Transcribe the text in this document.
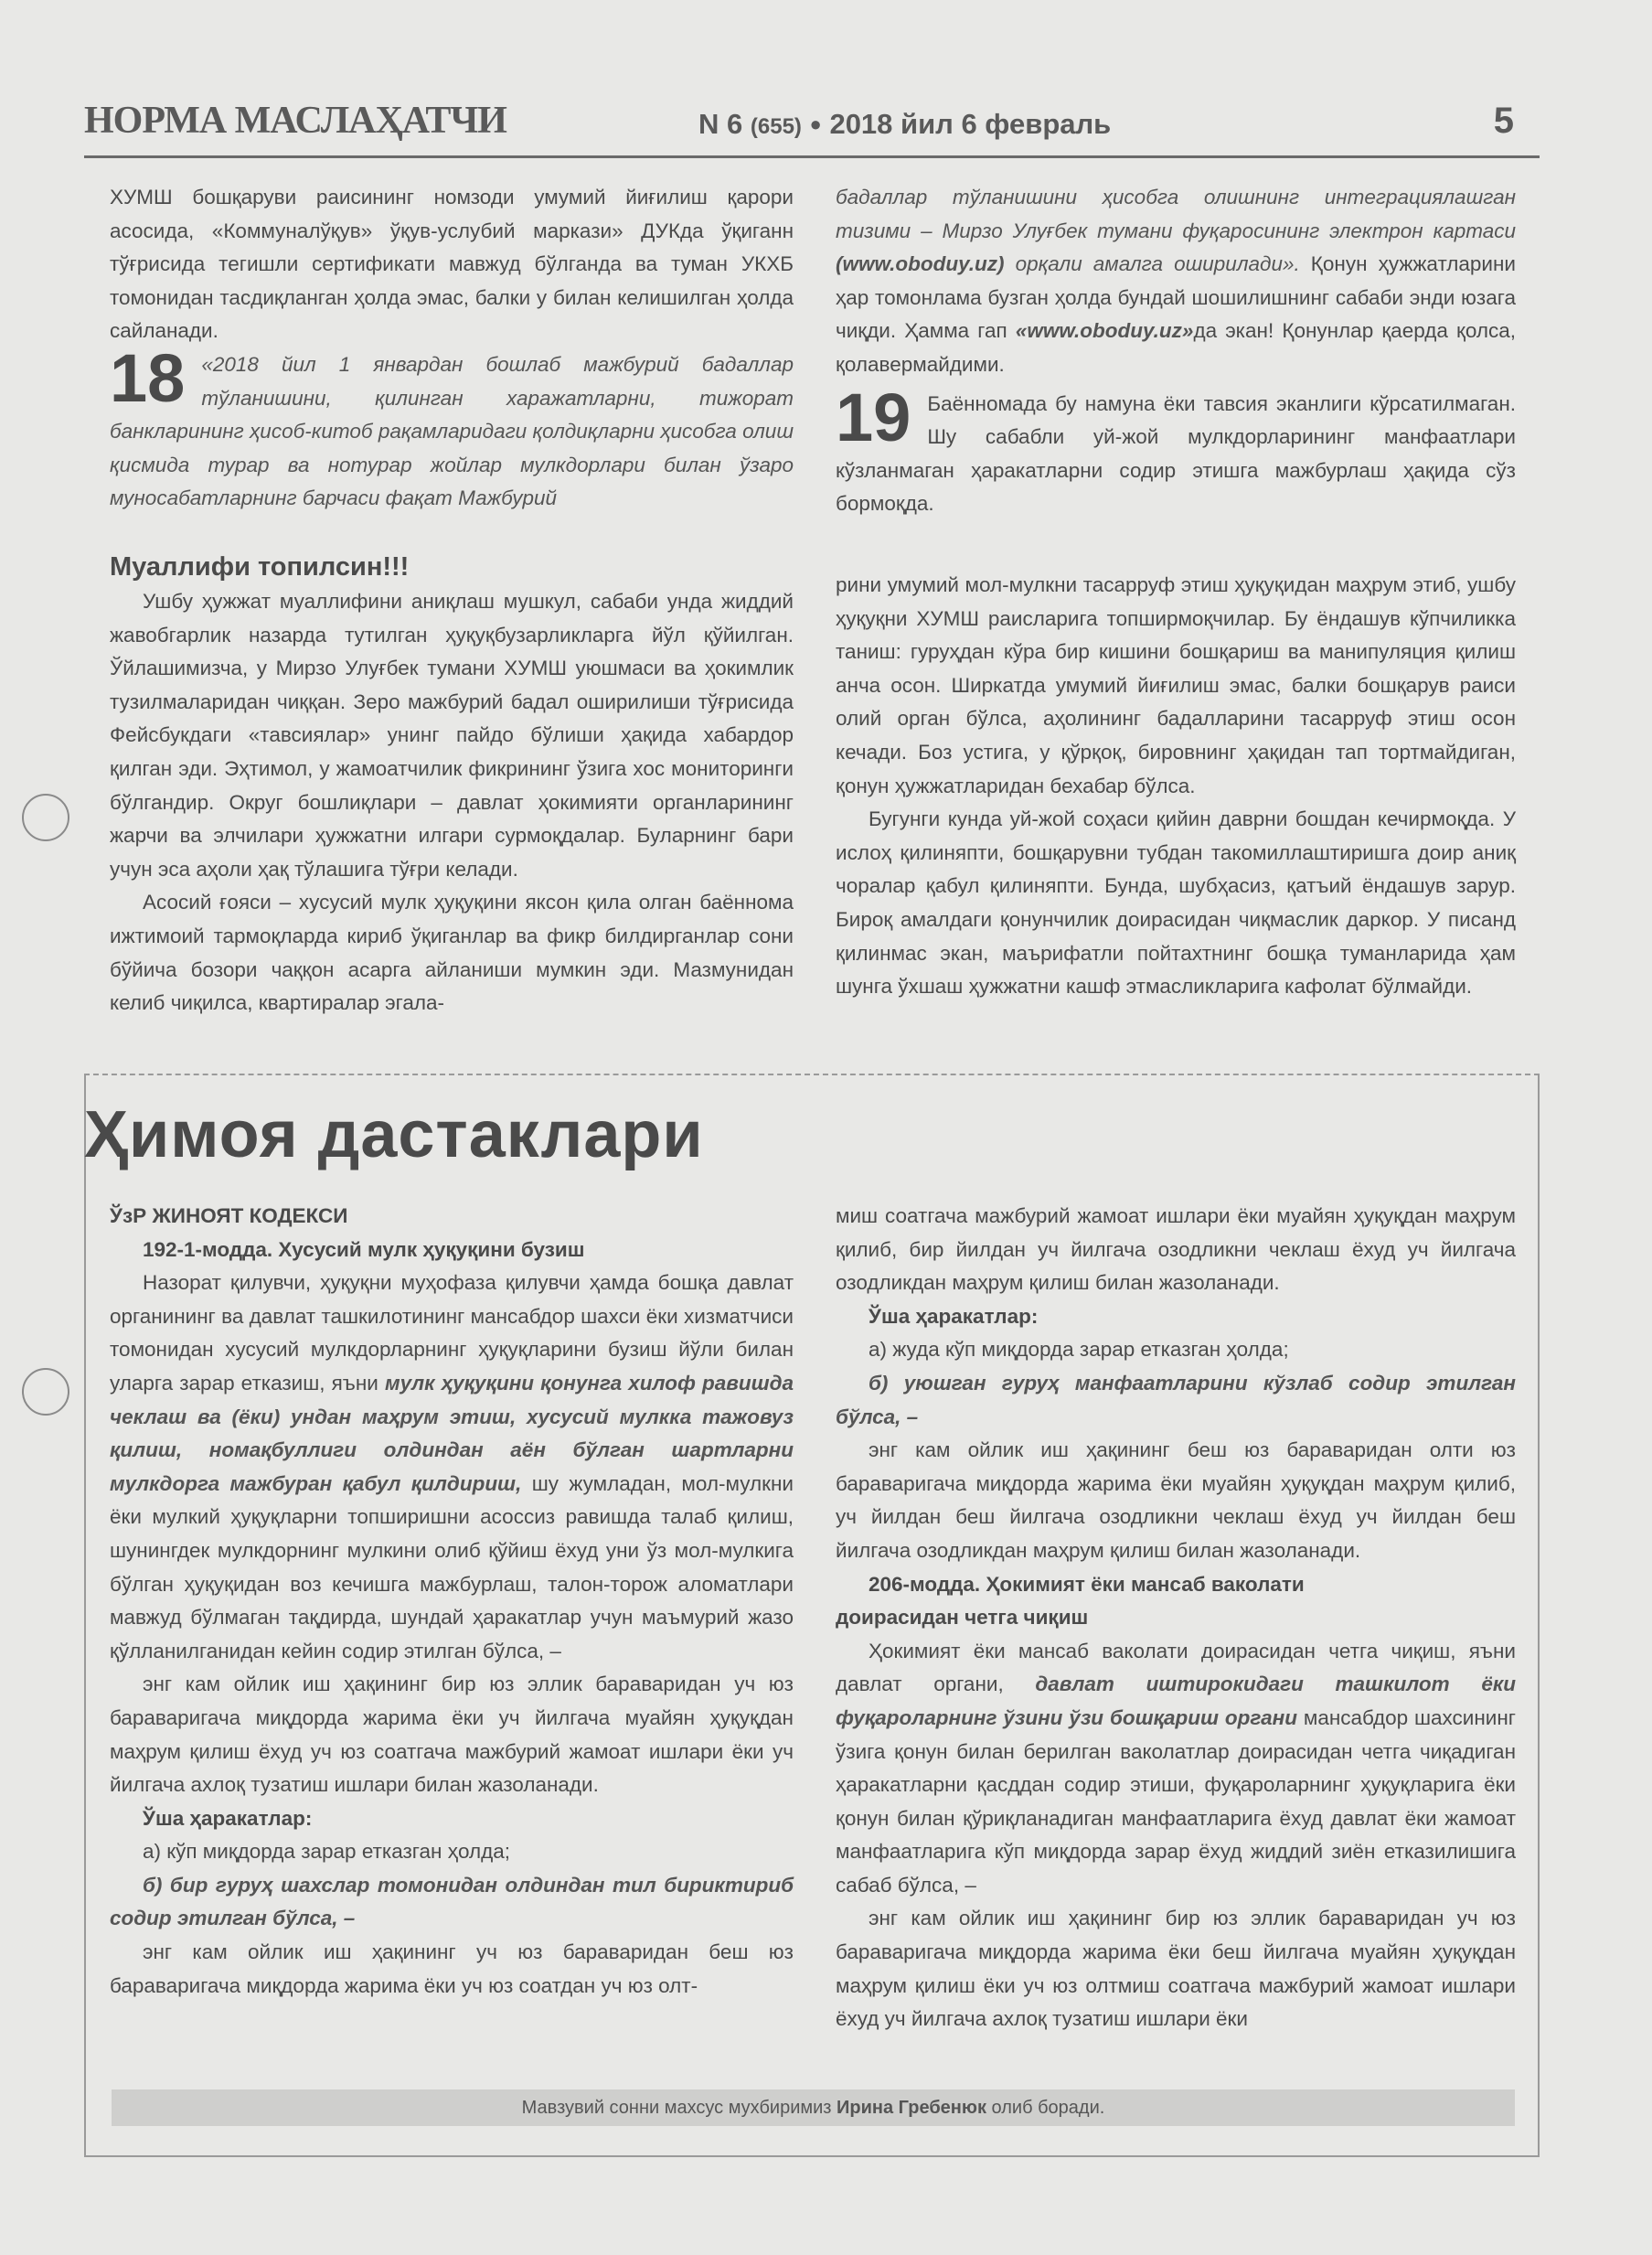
НОРМА МАСЛАҲАТЧИ	N 6 (655) ● 2018 йил 6 февраль	5

ХУМШ бошқаруви раисининг номзоди умумий йиғилиш қарори асосида, «Коммуналўқув» ўқув-услубий маркази» ДУКда ўқиганн тўғрисида тегишли сертификати мавжуд бўлганда ва туман УКХБ томонидан тасдиқланган ҳолда эмас, балки у билан келишилган ҳолда сайланади.

18 «2018 йил 1 январдан бошлаб мажбурий бадаллар тўланишини, қилинган харажатларни, тижорат банкларининг ҳисоб-китоб рақамларидаги қолдиқларни ҳисобга олиш қисмида турар ва нотурар жойлар мулкдорлари билан ўзаро муносабатларнинг барчаси фақат Мажбурий

бадаллар тўланишини ҳисобга олишнинг интеграциялашган тизими – Мирзо Улуғбек тумани фуқаросининг электрон картаси (www.oboduy.uz) орқали амалга оширилади». Қонун ҳужжатларини ҳар томонлама бузган ҳолда бундай шошилишнинг сабаби энди юзага чиқди. Ҳамма гап «www.oboduy.uz»да экан! Қонунлар қаерда қолса, қолавермайдими.

19 Баённомада бу намуна ёки тавсия эканлиги кўрсатилмаган. Шу сабабли уй-жой мулкдорларининг манфаатлари кўзланмаган ҳаракатларни содир этишга мажбурлаш ҳақида сўз бормоқда.

Муаллифи топилсин!!!

Ушбу ҳужжат муаллифини аниқлаш мушкул, сабаби унда жиддий жавобгарлик назарда тутилган ҳуқуқбузарликларга йўл қўйилган. Ўйлашимизча, у Мирзо Улуғбек тумани ХУМШ уюшмаси ва ҳокимлик тузилмаларидан чиққан. Зеро мажбурий бадал оширилиши тўғрисида Фейсбукдаги «тавсиялар» унинг пайдо бўлиши ҳақида хабардор қилган эди. Эҳтимол, у жамоатчилик фикрининг ўзига хос мониторинги бўлгандир. Округ бошлиқлари – давлат ҳокимияти органларининг жарчи ва элчилари ҳужжатни илгари сурмоқдалар. Буларнинг бари учун эса аҳоли ҳақ тўлашига тўғри келади.

Асосий ғояси – хусусий мулк ҳуқуқини яксон қила олган баённома ижтимоий тармоқларда кириб ўқиганлар ва фикр билдирганлар сони бўйича бозори чаққон асарга айланиши мумкин эди. Мазмунидан келиб чиқилса, квартиралар эгала-

рини умумий мол-мулкни тасарруф этиш ҳуқуқидан маҳрум этиб, ушбу ҳуқуқни ХУМШ раисларига топширмоқчилар. Бу ёндашув кўпчиликка таниш: гуруҳдан кўра бир кишини бошқариш ва манипуляция қилиш анча осон. Ширкатда умумий йиғилиш эмас, балки бошқарув раиси олий орган бўлса, аҳолининг бадалларини тасарруф этиш осон кечади. Боз устига, у қўрқоқ, бировнинг ҳақидан тап тортмайдиган, қонун ҳужжатларидан бехабар бўлса.

Бугунги кунда уй-жой соҳаси қийин даврни бошдан кечирмоқда. У ислоҳ қилиняпти, бошқарувни тубдан такомиллаштиришга доир аниқ чоралар қабул қилиняпти. Бунда, шубҳасиз, қатъий ёндашув зарур. Бироқ амалдаги қонунчилик доирасидан чиқмаслик даркор. У писанд қилинмас экан, маърифатли пойтахтнинг бошқа туманларида ҳам шунга ўхшаш ҳужжатни кашф этмасликларига кафолат бўлмайди.

Ҳимоя дастаклари

ЎзР ЖИНОЯТ КОДЕКСИ

192-1-модда. Хусусий мулк ҳуқуқини бузиш

Назорат қилувчи, ҳуқуқни муҳофаза қилувчи ҳамда бошқа давлат органининг ва давлат ташкилотининг мансабдор шахси ёки хизматчиси томонидан хусусий мулкдорларнинг ҳуқуқларини бузиш йўли билан уларга зарар етказиш, яъни мулк ҳуқуқини қонунга хилоф равишда чеклаш ва (ёки) ундан маҳрум этиш, хусусий мулкка тажовуз қилиш, номақбуллиги олдиндан аён бўлган шартларни мулкдорга мажбуран қабул қилдириш, шу жумладан, мол-мулкни ёки мулкий ҳуқуқларни топширишни асоссиз равишда талаб қилиш, шунингдек мулкдорнинг мулкини олиб қўйиш ёхуд уни ўз мол-мулкига бўлган ҳуқуқидан воз кечишга мажбурлаш, талон-торож аломатлари мавжуд бўлмаган тақдирда, шундай ҳаракатлар учун маъмурий жазо қўлланилганидан кейин содир этилган бўлса, –

энг кам ойлик иш ҳақининг бир юз эллик бараваридан уч юз бараваригача миқдорда жарима ёки уч йилгача муайян ҳуқуқдан маҳрум қилиш ёхуд уч юз соатгача мажбурий жамоат ишлари ёки уч йилгача ахлоқ тузатиш ишлари билан жазоланади.

Ўша ҳаракатлар:

а) кўп миқдорда зарар етказган ҳолда;

б) бир гуруҳ шахслар томонидан олдиндан тил бириктириб содир этилган бўлса, –

энг кам ойлик иш ҳақининг уч юз бараваридан беш юз бараваригача миқдорда жарима ёки уч юз соатдан уч юз олт-

миш соатгача мажбурий жамоат ишлари ёки муайян ҳуқуқдан маҳрум қилиб, бир йилдан уч йилгача озодликни чеклаш ёхуд уч йилгача озодликдан маҳрум қилиш билан жазоланади.

Ўша ҳаракатлар:

а) жуда кўп миқдорда зарар етказган ҳолда;

б) уюшган гуруҳ манфаатларини кўзлаб содир этилган бўлса, –

энг кам ойлик иш ҳақининг беш юз бараваридан олти юз бараваригача миқдорда жарима ёки муайян ҳуқуқдан маҳрум қилиб, уч йилдан беш йилгача озодликни чеклаш ёхуд уч йилдан беш йилгача озодликдан маҳрум қилиш билан жазоланади.

206-модда. Ҳокимият ёки мансаб ваколати
доирасидан четга чиқиш

Ҳокимият ёки мансаб ваколати доирасидан четга чиқиш, яъни давлат органи, давлат иштирокидаги ташкилот ёки фуқароларнинг ўзини ўзи бошқариш органи мансабдор шахсининг ўзига қонун билан берилган ваколатлар доирасидан четга чиқадиган ҳаракатларни қасддан содир этиши, фуқароларнинг ҳуқуқларига ёки қонун билан қўриқланадиган манфаатларига ёхуд давлат ёки жамоат манфаатларига кўп миқдорда зарар ёхуд жиддий зиён етказилишига сабаб бўлса, –

энг кам ойлик иш ҳақининг бир юз эллик бараваридан уч юз бараваригача миқдорда жарима ёки беш йилгача муайян ҳуқуқдан маҳрум қилиш ёки уч юз олтмиш соатгача мажбурий жамоат ишлари ёхуд уч йилгача ахлоқ тузатиш ишлари ёки

Мавзувий сонни махсус мухбиримиз Ирина Гребенюк олиб боради.
